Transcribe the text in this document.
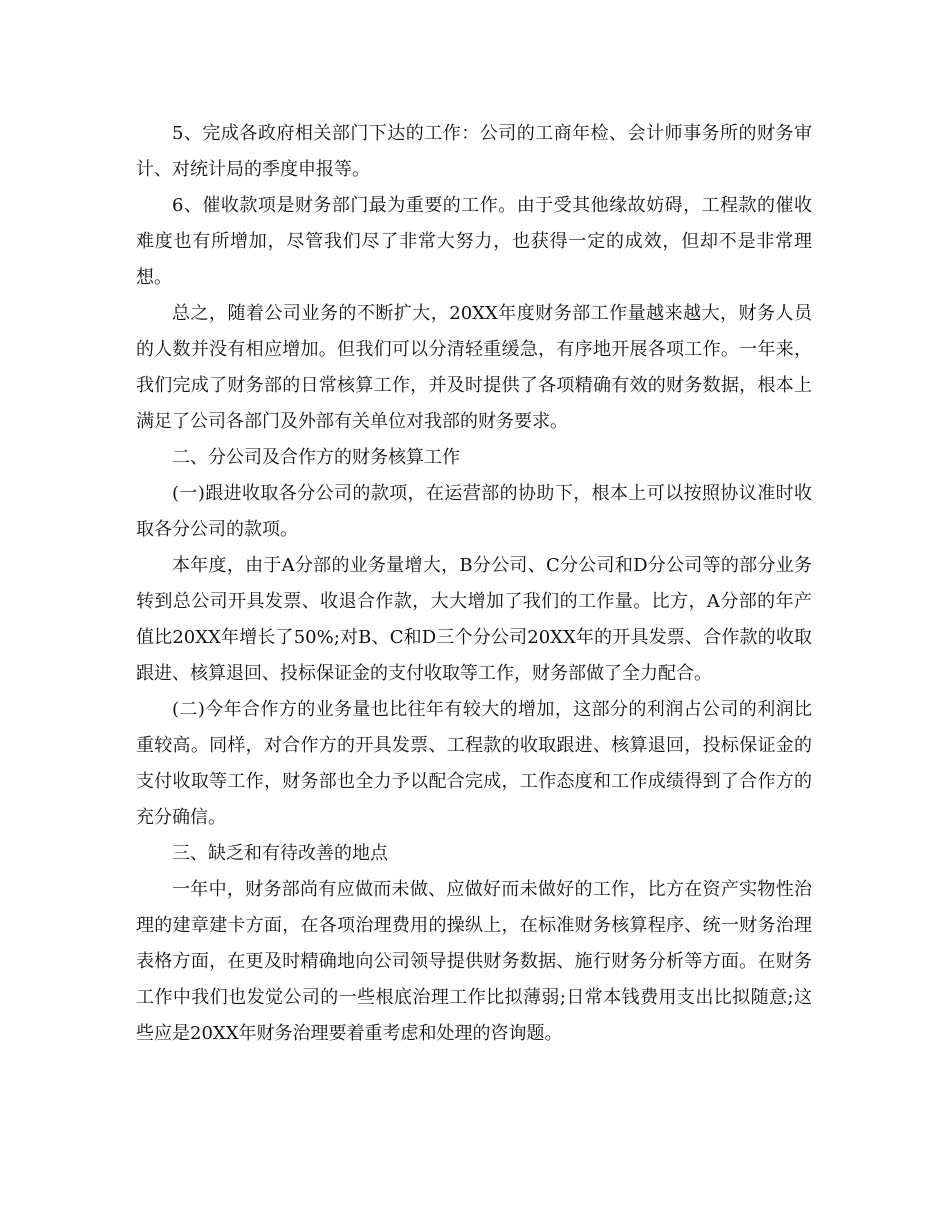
5、完成各政府相关部门下达的工作：公司的工商年检、会计师事务所的财务审计、对统计局的季度申报等。

6、催收款项是财务部门最为重要的工作。由于受其他缘故妨碍，工程款的催收难度也有所增加，尽管我们尽了非常大努力，也获得一定的成效，但却不是非常理想。

总之，随着公司业务的不断扩大，20XX年度财务部工作量越来越大，财务人员的人数并没有相应增加。但我们可以分清轻重缓急，有序地开展各项工作。一年来，我们完成了财务部的日常核算工作，并及时提供了各项精确有效的财务数据，根本上满足了公司各部门及外部有关单位对我部的财务要求。

二、分公司及合作方的财务核算工作

(一)跟进收取各分公司的款项，在运营部的协助下，根本上可以按照协议准时收取各分公司的款项。

本年度，由于A分部的业务量增大，B分公司、C分公司和D分公司等的部分业务转到总公司开具发票、收退合作款，大大增加了我们的工作量。比方，A分部的年产值比20XX年增长了50%;对B、C和D三个分公司20XX年的开具发票、合作款的收取跟进、核算退回、投标保证金的支付收取等工作，财务部做了全力配合。

(二)今年合作方的业务量也比往年有较大的增加，这部分的利润占公司的利润比重较高。同样，对合作方的开具发票、工程款的收取跟进、核算退回，投标保证金的支付收取等工作，财务部也全力予以配合完成，工作态度和工作成绩得到了合作方的充分确信。

三、缺乏和有待改善的地点

一年中，财务部尚有应做而未做、应做好而未做好的工作，比方在资产实物性治理的建章建卡方面，在各项治理费用的操纵上，在标准财务核算程序、统一财务治理表格方面，在更及时精确地向公司领导提供财务数据、施行财务分析等方面。在财务工作中我们也发觉公司的一些根底治理工作比拟薄弱;日常本钱费用支出比拟随意;这些应是20XX年财务治理要着重考虑和处理的咨询题。
